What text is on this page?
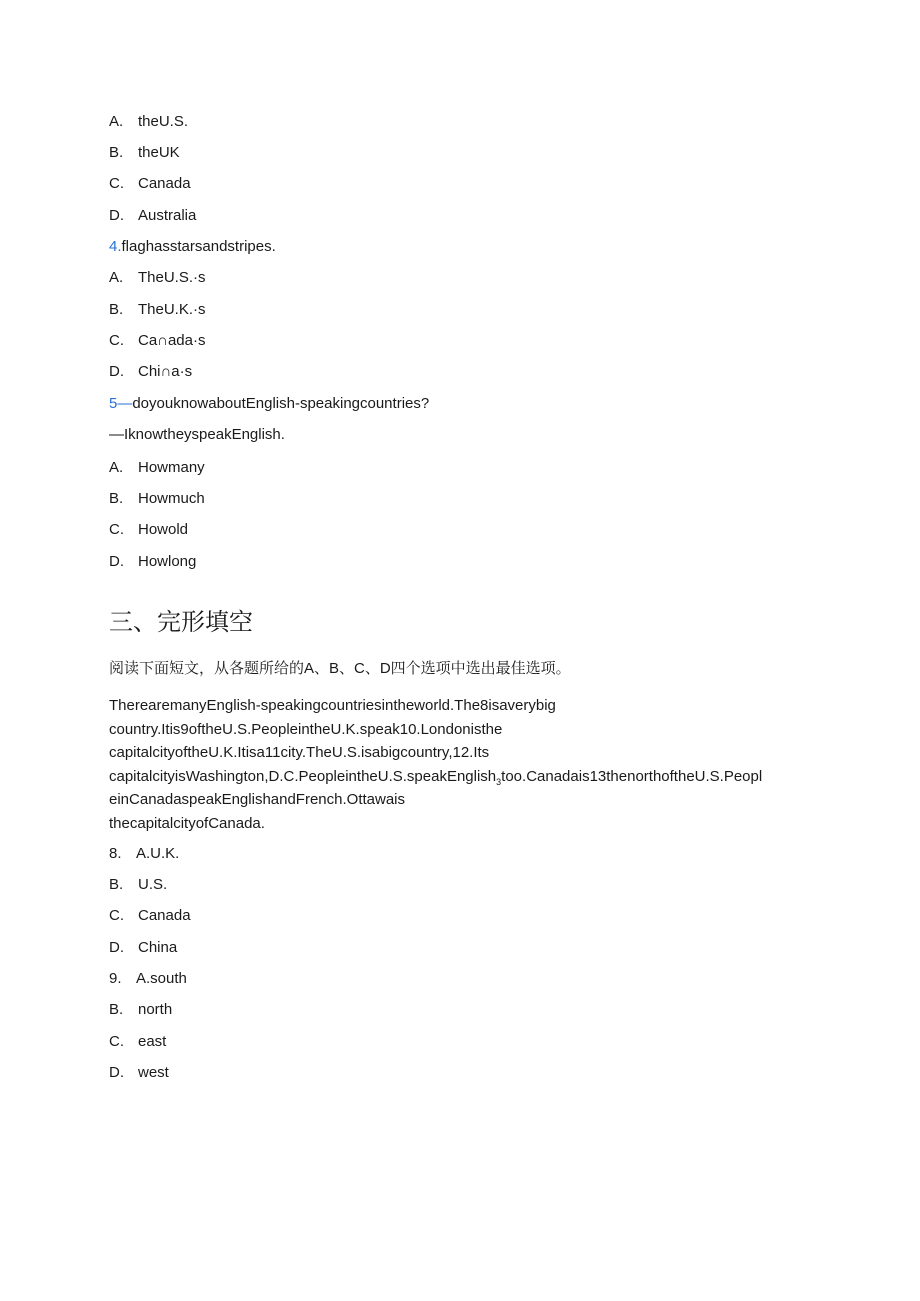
A. theU.S.
B. theUK
C. Canada
D. Australia
4.flaghasstarsandstripes.
A. TheU.S.·s
B. TheU.K.·s
C. Ca∩ada·s
D. Chi∩a·s
5—doyouknowaboutEnglish-speakingcountries?
—IknowtheyspeakEnglish.
A. Howmany
B. Howmuch
C. Howold
D. Howlong
三、完形填空
阅读下面短文，从各题所给的A、B、C、D四个选项中选出最佳选项。
TherearemanyEnglish-speakingcountriesintheworld.The8isaverybig
country.Itis9oftheU.S.PeopleintheU.K.speak10.Londonisthe
capitalcityoftheU.K.Itisa11city.TheU.S.isabigcountry,12.Its
capitalcityisWashington,D.C.PeopleintheU.S.speakEnglish$_3$too.Canadais13thenorthoftheU.S.Peopl
einCanadaspeakEnglishandFrench.Ottawais
thecapitalcityofCanada.
8. A.U.K.
B. U.S.
C. Canada
D. China
9. A.south
B. north
C. east
D. west
